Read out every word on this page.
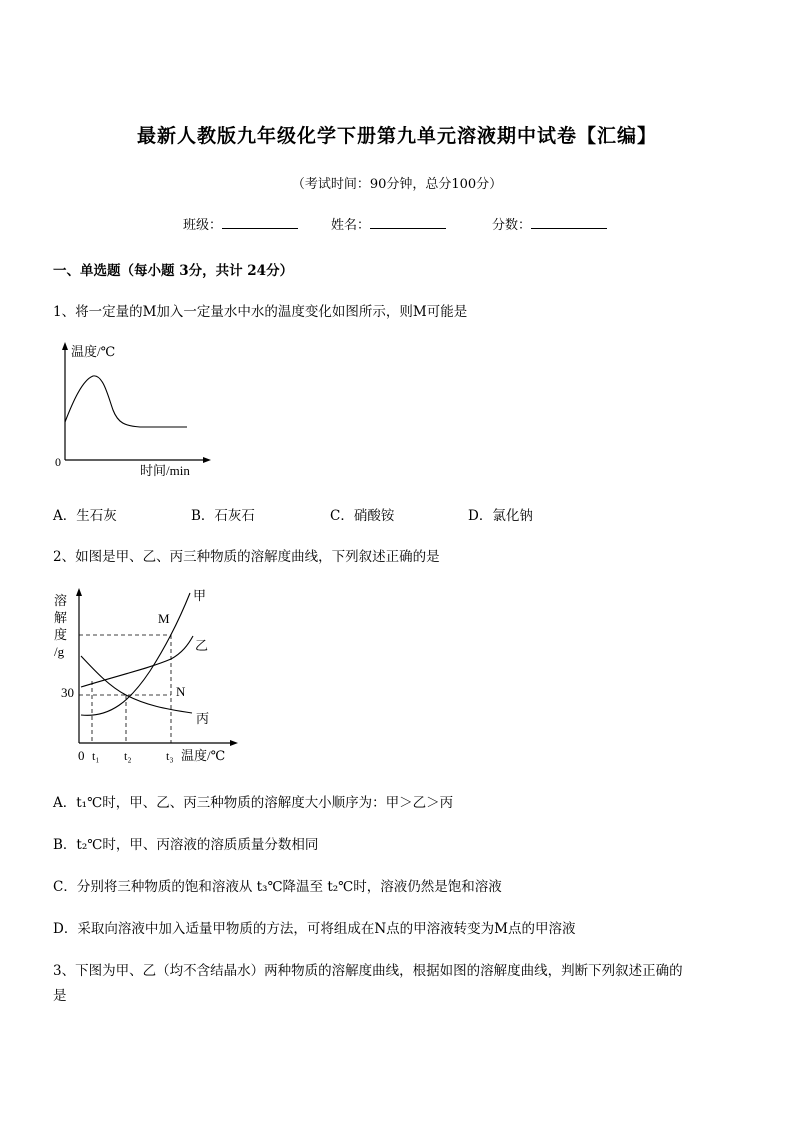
最新人教版九年级化学下册第九单元溶液期中试卷【汇编】
（考试时间：90分钟，总分100分）
班级：	姓名：	分数：
一、单选题（每小题 3分，共计 24分）
1、将一定量的M加入一定量水中水的温度变化如图所示，则M可能是
温度/℃
0
时间/min
A．生石灰	B．石灰石	C．硝酸铵	D．氯化钠
2、如图是甲、乙、丙三种物质的溶解度曲线，下列叙述正确的是
溶
解
度
/g
30
0 t₁ t₂	t₃ 温度/℃
甲
乙
丙
M
N
A．t₁℃时，甲、乙、丙三种物质的溶解度大小顺序为：甲＞乙＞丙
B．t₂℃时，甲、丙溶液的溶质质量分数相同
C．分别将三种物质的饱和溶液从 t₃℃降温至 t₂℃时，溶液仍然是饱和溶液
D．采取向溶液中加入适量甲物质的方法，可将组成在N点的甲溶液转变为M点的甲溶液
3、下图为甲、乙（均不含结晶水）两种物质的溶解度曲线，根据如图的溶解度曲线，判断下列叙述正确的
是
